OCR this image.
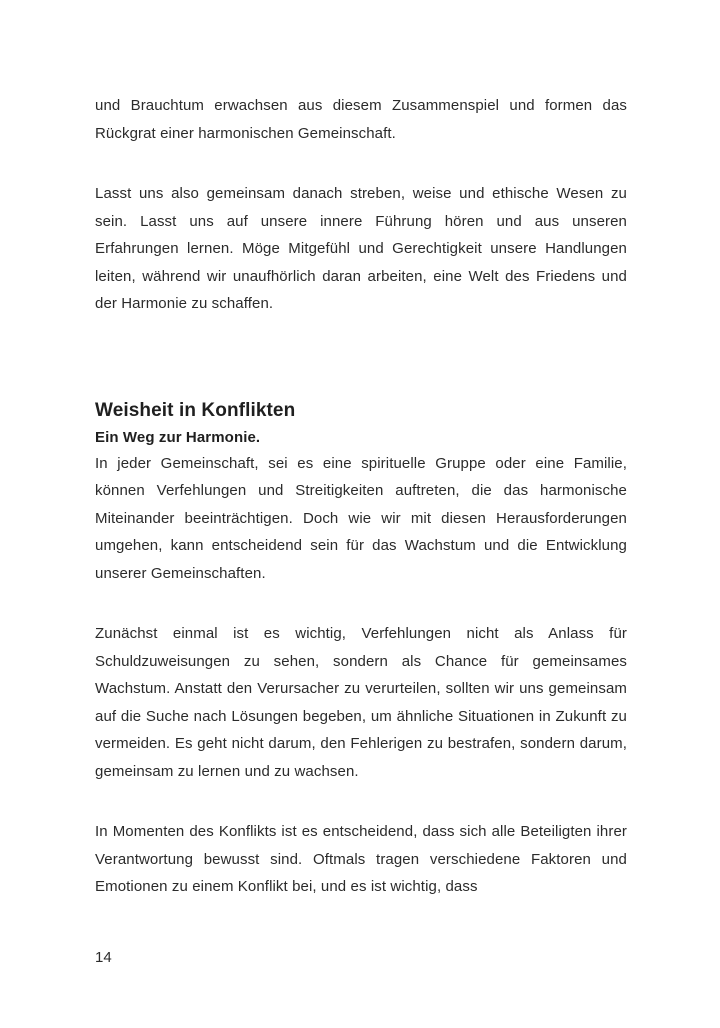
und Brauchtum erwachsen aus diesem Zusammenspiel und formen das Rückgrat einer harmonischen Gemeinschaft.

Lasst uns also gemeinsam danach streben, weise und ethische Wesen zu sein. Lasst uns auf unsere innere Führung hören und aus unseren Erfahrungen lernen. Möge Mitgefühl und Gerechtigkeit unsere Handlungen leiten, während wir unaufhörlich daran arbeiten, eine Welt des Friedens und der Harmonie zu schaffen.

Weisheit in Konflikten
Ein Weg zur Harmonie.

In jeder Gemeinschaft, sei es eine spirituelle Gruppe oder eine Familie, können Verfehlungen und Streitigkeiten auftreten, die das harmonische Miteinander beeinträchtigen. Doch wie wir mit diesen Herausforderungen umgehen, kann entscheidend sein für das Wachstum und die Entwicklung unserer Gemeinschaften.

Zunächst einmal ist es wichtig, Verfehlungen nicht als Anlass für Schuldzuweisungen zu sehen, sondern als Chance für gemeinsames Wachstum. Anstatt den Verursacher zu verurteilen, sollten wir uns gemeinsam auf die Suche nach Lösungen begeben, um ähnliche Situationen in Zukunft zu vermeiden. Es geht nicht darum, den Fehlerigen zu bestrafen, sondern darum, gemeinsam zu lernen und zu wachsen.

In Momenten des Konflikts ist es entscheidend, dass sich alle Beteiligten ihrer Verantwortung bewusst sind. Oftmals tragen verschiedene Faktoren und Emotionen zu einem Konflikt bei, und es ist wichtig, dass

14
